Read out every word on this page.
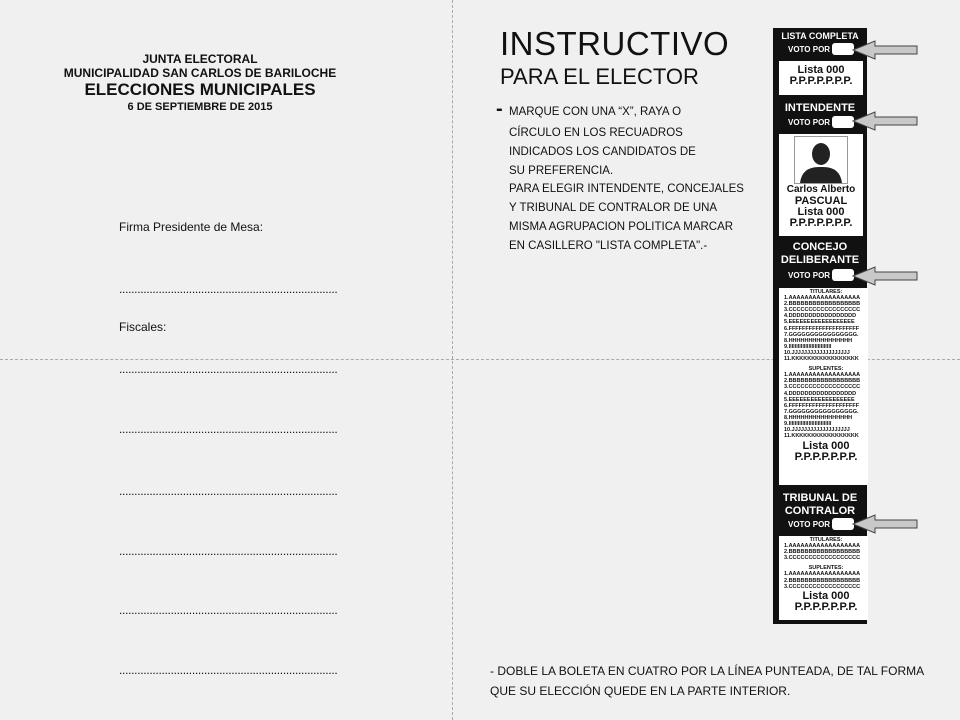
JUNTA ELECTORAL
MUNICIPALIDAD SAN CARLOS DE BARILOCHE
ELECCIONES MUNICIPALES
6 DE SEPTIEMBRE DE 2015
Firma Presidente de Mesa:
........................................................................
Fiscales:
........................................................................
........................................................................
........................................................................
........................................................................
........................................................................
........................................................................
INSTRUCTIVO
PARA EL ELECTOR
- MARQUE CON UNA “X”, RAYA O
CÍRCULO EN LOS RECUADROS
INDICADOS LOS CANDIDATOS DE
SU PREFERENCIA.
PARA ELEGIR INTENDENTE, CONCEJALES
Y TRIBUNAL DE CONTRALOR DE UNA
MISMA AGRUPACION POLITICA MARCAR
EN CASILLERO "LISTA COMPLETA".-
- DOBLE LA BOLETA EN CUATRO POR LA LÍNEA PUNTEADA, DE TAL FORMA
QUE SU ELECCIÓN QUEDE EN LA PARTE INTERIOR.
LISTA COMPLETA
VOTO POR
Lista 000
P.P.P.P.P.P.P.
INTENDENTE
VOTO POR
Carlos Alberto
PASCUAL
Lista 000
P.P.P.P.P.P.P.
CONCEJO
DELIBERANTE
VOTO POR
TITULARES:
1.AAAAAAAAAAAAAAAAAA
2.BBBBBBBBBBBBBBBBBB
3.CCCCCCCCCCCCCCCCCC
4.DDDDDDDDDDDDDDDDD
5.EEEEEEEEEEEEEEEEEE
6.FFFFFFFFFFFFFFFFFFFFF
7.GGGGGGGGGGGGGGGG.
8.HHHHHHHHHHHHHHHH
9.IIIIIIIIIIIIIIIIIIIIIIIIIIII
10.JJJJJJJJJJJJJJJJJJJ
11.KKKKKKKKKKKKKKKKK
SUPLENTES:
1.AAAAAAAAAAAAAAAAAA
2.BBBBBBBBBBBBBBBBBB
3.CCCCCCCCCCCCCCCCCC
4.DDDDDDDDDDDDDDDDD
5.EEEEEEEEEEEEEEEEEE
6.FFFFFFFFFFFFFFFFFFFFF
7.GGGGGGGGGGGGGGGG.
8.HHHHHHHHHHHHHHHH
9.IIIIIIIIIIIIIIIIIIIIIIIIIIII
10.JJJJJJJJJJJJJJJJJJJ
11.KKKKKKKKKKKKKKKKK
Lista 000
P.P.P.P.P.P.P.
TRIBUNAL DE
CONTRALOR
VOTO POR
TITULARES:
1.AAAAAAAAAAAAAAAAAA
2.BBBBBBBBBBBBBBBBBB
3.CCCCCCCCCCCCCCCCCC
SUPLENTES:
1.AAAAAAAAAAAAAAAAAA
2.BBBBBBBBBBBBBBBBBB
3.CCCCCCCCCCCCCCCCCC
Lista 000
P.P.P.P.P.P.P.
